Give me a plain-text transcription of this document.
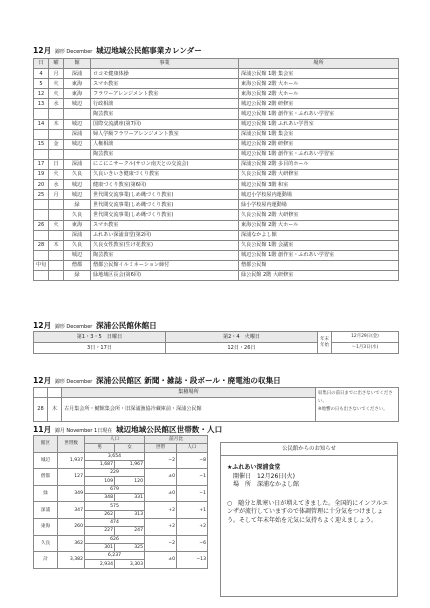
12月 錦形 December 城辺地域公民館事業カレンダー
日	曜	館	事業	場所
4	月	深浦	ロコモ健康体操	深浦公民館 1階 集会室
5	火	東海	スマホ教室	東海公民館 2階 大ホール
12	火	東海	フラワーアレンジメント教室	東海公民館 2階 大ホール
13	水	城辺	行政相談	城辺公民館 2階 研修室
			陶芸教室	城辺公民館 1階 創作室・ふれあい学習室
14	木	城辺	国際交流講座(第7回)	城辺公民館 1階 ふれあい学習室
		深浦	婦人学級フラワーアレンジメント教室	深浦公民館 1階 集会室
15	金	城辺	人権相談	城辺公民館 2階 研修室
			陶芸教室	城辺公民館 1階 創作室・ふれあい学習室
17	日	深浦	にこにこサークル(サロン南天との交流会)	深浦公民館 2階 多目的ホール
19	火	久良	久良いきいき健康づくり教室	久良公民館 2階 大研修室
20	水	城辺	健康づくり教室(第6回)	城辺公民館 3階 和室
25	月	城辺	世代間交流事業(しめ縄づくり教室)	城辺小学校屋内運動場
		緑	世代間交流事業(しめ縄づくり教室)	緑小学校屋内運動場
		久良	世代間交流事業(しめ縄づくり教室)	久良公民館 2階 大研修室
26	火	東海	スマホ教室	東海公民館 2階 大ホール
		深浦	ふれあい深浦食堂(第2回)	深浦なかよし館
28	木	久良	久良女性教室(生け花教室)	久良公民館 1階 会議室
		城辺	陶芸教室	城辺公民館 1階 創作室・ふれあい学習室
中旬		僧都	僧都公民館イルミネーション締付	僧都公民館
		緑	緑地域区長会(第6回)	緑公民館 2階 大研修室
12月 錦形 December 深浦公民館休館日
第1・3・5　日曜日	第2・4　火曜日	年末年始	12月29日(金)
3日・17日	12日・26日		〜1月3日(水)
12月 錦形 December 深浦公民館区 新聞・雑誌・段ボール・廃電池の収集日
		集積場所	収集日の前日までに出さないでください。
※地響の日も出さないでください。
28	木	古月集会所・鯖館集会所・旧深浦漁協冷蔵庫前・深浦公民館	
11月 錦月 November 1日現在 城辺地域公民館区世帯数・人口
館区	世帯数	人口		前月比	
		男	女	世帯	人口
城辺	1,937	3,654		−2	−8
		1,687	1,967		
僧都	127	229		±0	−1
		109	120		
緑	349	679		±0	−1
		348	331		
深浦	347	575		+2	+1
		262	313		
東海	260	474		+2	+2
		227	247		
久良	362	626		−2	−6
		301	325		
計	3,382	6,237		±0	−13
		2,934	3,303		
公民館からのお知らせ

★ふれあい深浦食堂

開催日　12月26日(火)

場　所　深浦なかよし館

○　随分と肌寒い日が増えてきました。全国的にインフルエンザが流行していますので体調管理に十分気をつけましょう。そして年末年始を元気に気持ちよく迎えましょう。
